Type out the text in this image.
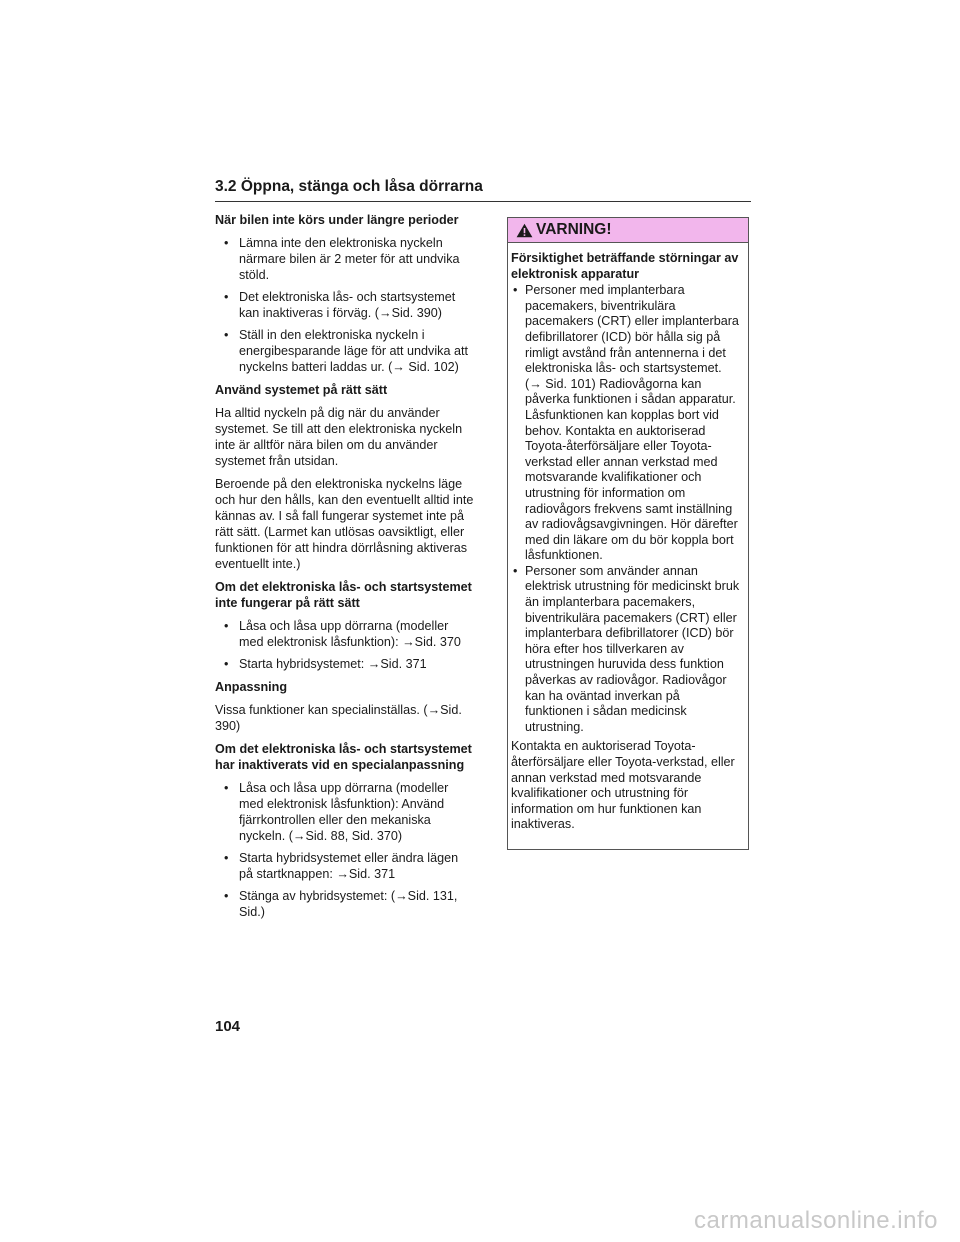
3.2 Öppna, stänga och låsa dörrarna
När bilen inte körs under längre perioder
• Lämna inte den elektroniska nyckeln närmare bilen är 2 meter för att undvika stöld.
• Det elektroniska lås- och startsystemet kan inaktiveras i förväg. (→Sid. 390)
• Ställ in den elektroniska nyckeln i energibesparande läge för att undvika att nyckelns batteri laddas ur. (→ Sid. 102)
Använd systemet på rätt sätt

Ha alltid nyckeln på dig när du använder systemet. Se till att den elektroniska nyckeln inte är alltför nära bilen om du använder systemet från utsidan.

Beroende på den elektroniska nyckelns läge och hur den hålls, kan den eventuellt alltid inte kännas av. I så fall fungerar systemet inte på rätt sätt. (Larmet kan utlösas oavsiktligt, eller funktionen för att hindra dörrlåsning aktiveras eventuellt inte.)

Om det elektroniska lås- och startsystemet inte fungerar på rätt sätt
• Låsa och låsa upp dörrarna (modeller med elektronisk låsfunktion): →Sid. 370
• Starta hybridsystemet: →Sid. 371
Anpassning

Vissa funktioner kan specialinställas. (→Sid. 390)

Om det elektroniska lås- och startsystemet har inaktiverats vid en specialanpassning
• Låsa och låsa upp dörrarna (modeller med elektronisk låsfunktion): Använd fjärrkontrollen eller den mekaniska nyckeln. (→Sid. 88, Sid. 370)
• Starta hybridsystemet eller ändra lägen på startknappen: →Sid. 371
• Stänga av hybridsystemet: (→Sid. 131, Sid.)
VARNING!
Försiktighet beträffande störningar av elektronisk apparatur
• Personer med implanterbara pacemakers, biventrikulära pacemakers (CRT) eller implanterbara defibrillatorer (ICD) bör hålla sig på rimligt avstånd från antennerna i det elektroniska lås- och startsystemet. (→ Sid. 101) Radiovågorna kan påverka funktionen i sådan apparatur. Låsfunktionen kan kopplas bort vid behov. Kontakta en auktoriserad Toyota-återförsäljare eller Toyota-verkstad eller annan verkstad med motsvarande kvalifikationer och utrustning för information om radiovågors frekvens samt inställning av radiovågsavgivningen. Hör därefter med din läkare om du bör koppla bort låsfunktionen.
• Personer som använder annan elektrisk utrustning för medicinskt bruk än implanterbara pacemakers, biventrikulära pacemakers (CRT) eller implanterbara defibrillatorer (ICD) bör höra efter hos tillverkaren av utrustningen huruvida dess funktion påverkas av radiovågor. Radiovågor kan ha oväntad inverkan på funktionen i sådan medicinsk utrustning.

Kontakta en auktoriserad Toyota-återförsäljare eller Toyota-verkstad, eller annan verkstad med motsvarande kvalifikationer och utrustning för information om hur funktionen kan inaktiveras.

104
carmanualsonline.info
